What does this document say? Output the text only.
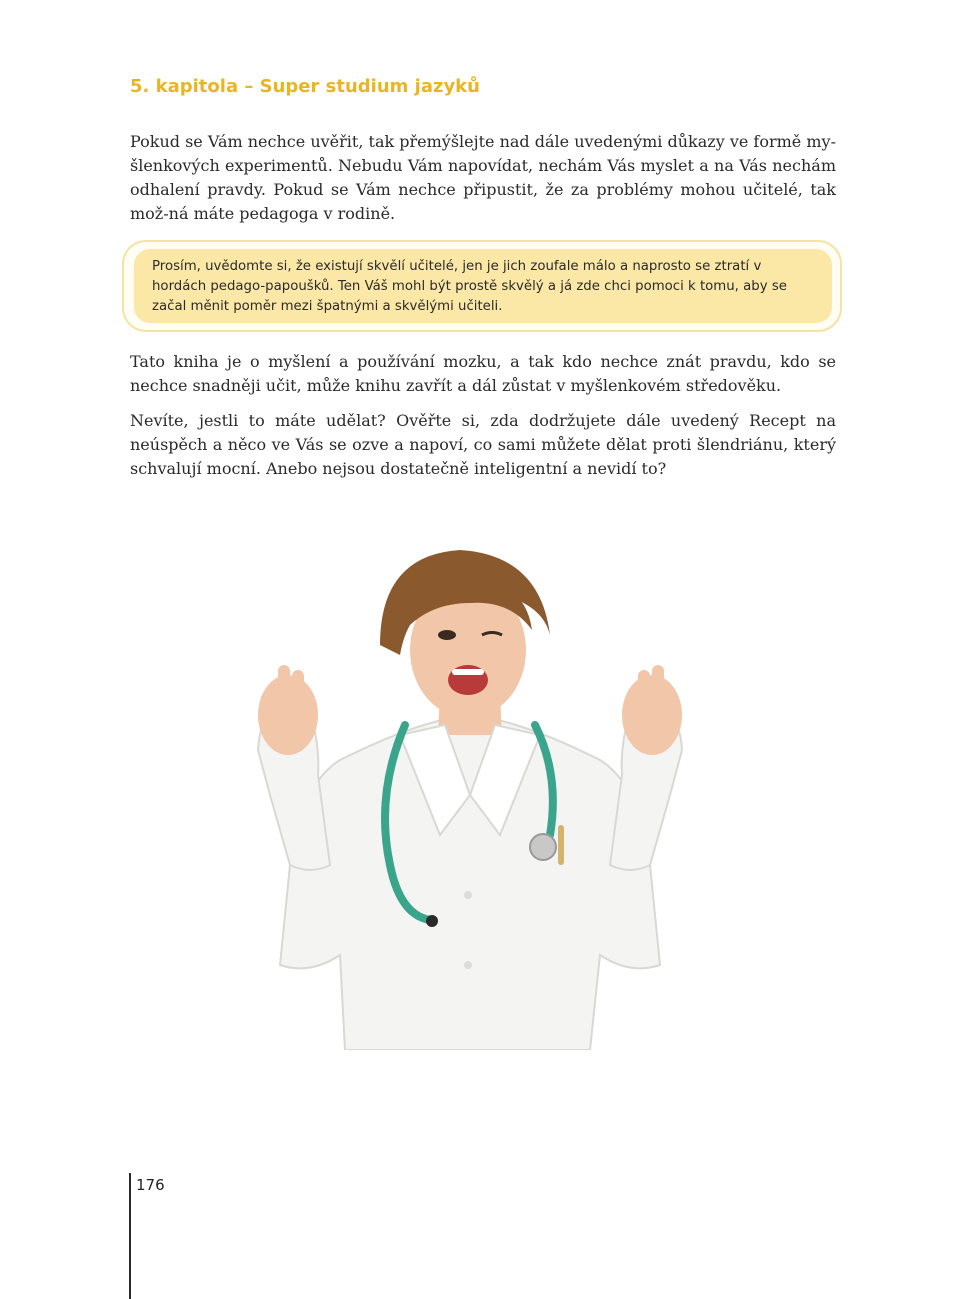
5. kapitola – Super studium jazyků

Pokud se Vám nechce uvěřit, tak přemýšlejte nad dále uvedenými důkazy ve formě my-šlenkových experimentů. Nebudu Vám napovídat, nechám Vás myslet a na Vás nechám odhalení pravdy. Pokud se Vám nechce připustit, že za problémy mohou učitelé, tak mož-ná máte pedagoga v rodině.

Prosím, uvědomte si, že existují skvělí učitelé, jen je jich zoufale málo a naprosto se ztratí v hordách pedago-papoušků. Ten Váš mohl být prostě skvělý a já zde chci pomoci k tomu, aby se začal měnit poměr mezi špatnými a skvělými učiteli.

Tato kniha je o myšlení a používání mozku, a tak kdo nechce znát pravdu, kdo se nechce snadněji učit, může knihu zavřít a dál zůstat v myšlenkovém středověku.

Nevíte, jestli to máte udělat? Ověřte si, zda dodržujete dále uvedený Recept na neúspěch a něco ve Vás se ozve a napoví, co sami můžete dělat proti šlendriánu, který schvalují mocní. Anebo nejsou dostatečně inteligentní a nevidí to?

176
